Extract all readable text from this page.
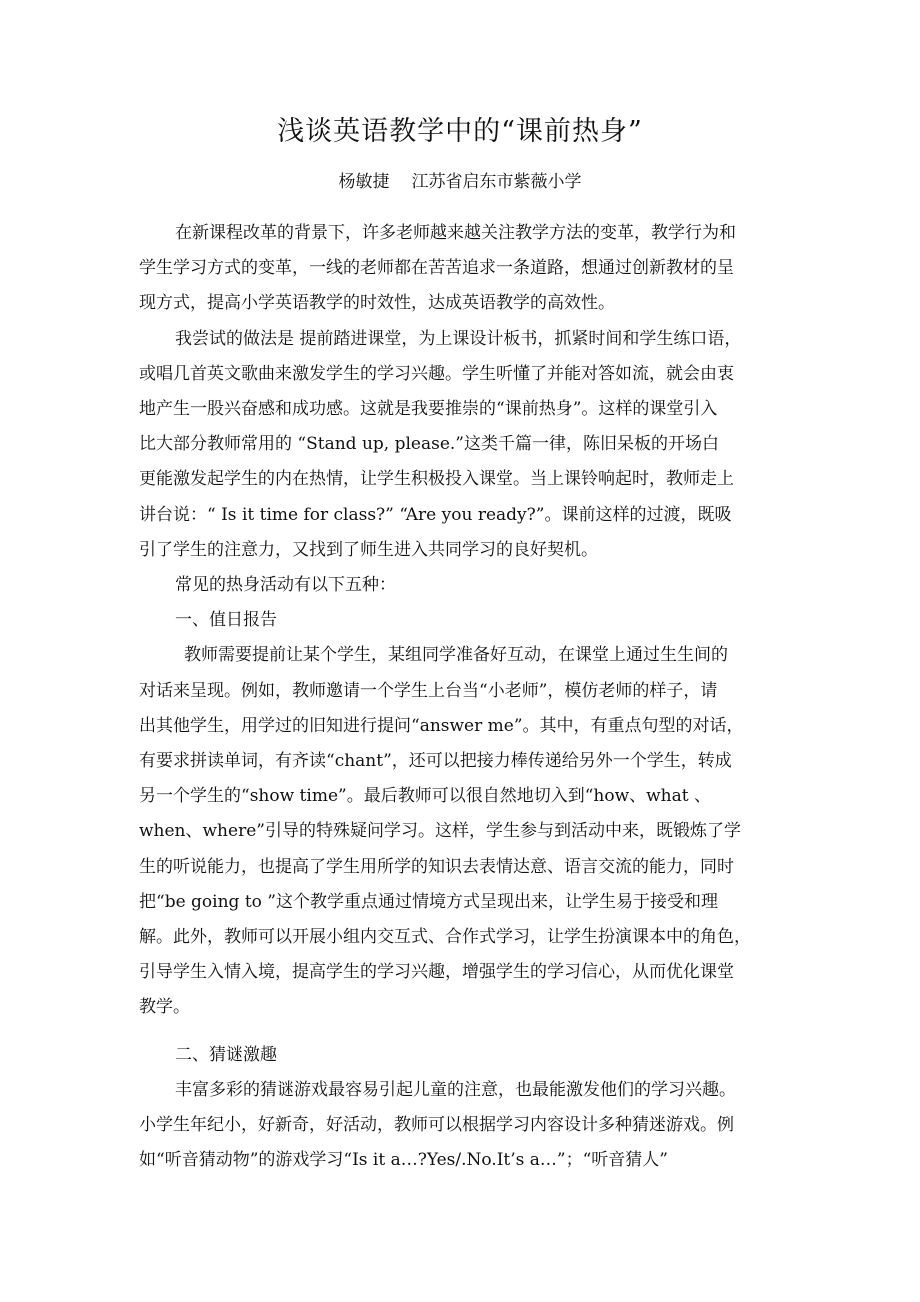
浅谈英语教学中的“课前热身”
杨敏捷 江苏省启东市紫薇小学
在新课程改革的背景下，许多老师越来越关注教学方法的变革，教学行为和
学生学习方式的变革，一线的老师都在苦苦追求一条道路，想通过创新教材的呈
现方式，提高小学英语教学的时效性，达成英语教学的高效性。
我尝试的做法是 提前踏进课堂，为上课设计板书，抓紧时间和学生练口语，
或唱几首英文歌曲来激发学生的学习兴趣。学生听懂了并能对答如流，就会由衷
地产生一股兴奋感和成功感。这就是我要推崇的“课前热身”。这样的课堂引入
比大部分教师常用的 “Stand up, please.”这类千篇一律，陈旧呆板的开场白
更能激发起学生的内在热情，让学生积极投入课堂。当上课铃响起时，教师走上
讲台说：“ Is it time for class?” “Are you ready?”。课前这样的过渡，既吸
引了学生的注意力，又找到了师生进入共同学习的良好契机。
常见的热身活动有以下五种：
一、值日报告
教师需要提前让某个学生，某组同学准备好互动，在课堂上通过生生间的
对话来呈现。例如，教师邀请一个学生上台当“小老师”，模仿老师的样子，请
出其他学生，用学过的旧知进行提问“answer me”。其中，有重点句型的对话，
有要求拼读单词，有齐读“chant”，还可以把接力棒传递给另外一个学生，转成
另一个学生的“show time”。最后教师可以很自然地切入到“how、what 、
when、where”引导的特殊疑问学习。这样，学生参与到活动中来，既锻炼了学
生的听说能力，也提高了学生用所学的知识去表情达意、语言交流的能力，同时
把“be going to ”这个教学重点通过情境方式呈现出来，让学生易于接受和理
解。此外，教师可以开展小组内交互式、合作式学习，让学生扮演课本中的角色，
引导学生入情入境，提高学生的学习兴趣，增强学生的学习信心，从而优化课堂
教学。
二、猜谜激趣
丰富多彩的猜谜游戏最容易引起儿童的注意，也最能激发他们的学习兴趣。
小学生年纪小，好新奇，好活动，教师可以根据学习内容设计多种猜迷游戏。例
如“听音猜动物”的游戏学习“Is it a…?Yes/.No.It’s a…”；“听音猜人”
